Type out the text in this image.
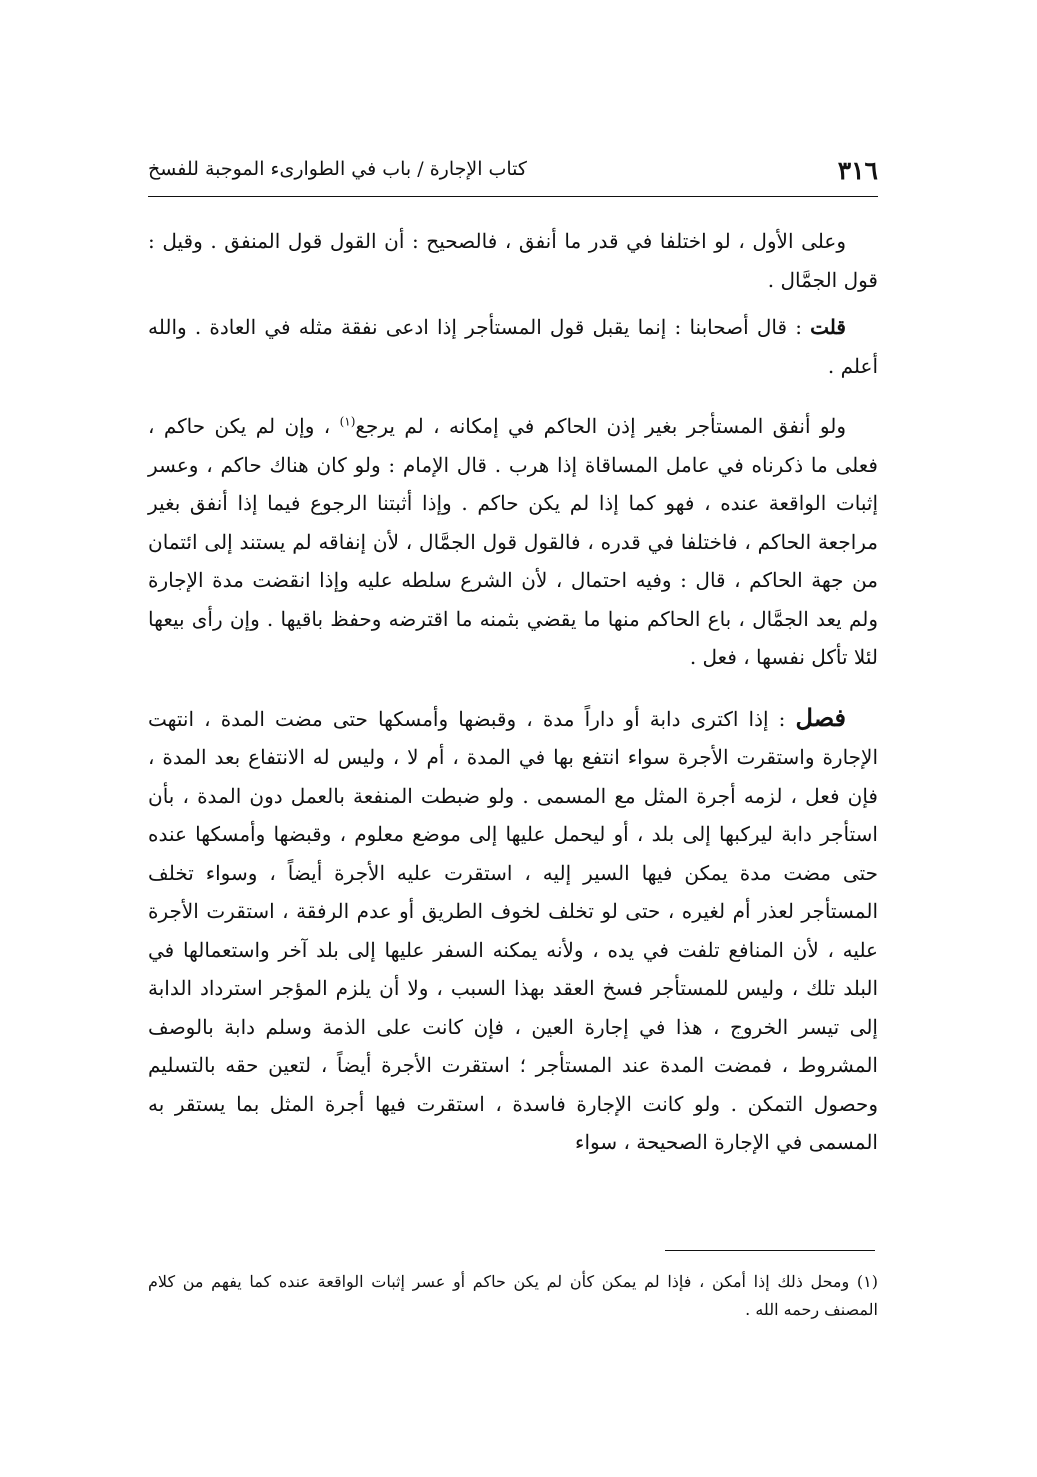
٣١٦
كتاب الإجارة / باب في الطوارىء الموجبة للفسخ

وعلى الأول ، لو اختلفا في قدر ما أنفق ، فالصحيح : أن القول قول المنفق . وقيل : قول الجمَّال .

قلت : قال أصحابنا : إنما يقبل قول المستأجر إذا ادعى نفقة مثله في العادة . والله أعلم .

ولو أنفق المستأجر بغير إذن الحاكم في إمكانه ، لم يرجع$^{(١)}$ ، وإن لم يكن حاكم ، فعلى ما ذكرناه في عامل المساقاة إذا هرب . قال الإمام : ولو كان هناك حاكم ، وعسر إثبات الواقعة عنده ، فهو كما إذا لم يكن حاكم . وإذا أثبتنا الرجوع فيما إذا أنفق بغير مراجعة الحاكم ، فاختلفا في قدره ، فالقول قول الجمَّال ، لأن إنفاقه لم يستند إلى ائتمان من جهة الحاكم ، قال : وفيه احتمال ، لأن الشرع سلطه عليه وإذا انقضت مدة الإجارة ولم يعد الجمَّال ، باع الحاكم منها ما يقضي بثمنه ما اقترضه وحفظ باقيها . وإن رأى بيعها لئلا تأكل نفسها ، فعل .

فصل : إذا اكترى دابة أو داراً مدة ، وقبضها وأمسكها حتى مضت المدة ، انتهت الإجارة واستقرت الأجرة سواء انتفع بها في المدة ، أم لا ، وليس له الانتفاع بعد المدة ، فإن فعل ، لزمه أجرة المثل مع المسمى . ولو ضبطت المنفعة بالعمل دون المدة ، بأن استأجر دابة ليركبها إلى بلد ، أو ليحمل عليها إلى موضع معلوم ، وقبضها وأمسكها عنده حتى مضت مدة يمكن فيها السير إليه ، استقرت عليه الأجرة أيضاً ، وسواء تخلف المستأجر لعذر أم لغيره ، حتى لو تخلف لخوف الطريق أو عدم الرفقة ، استقرت الأجرة عليه ، لأن المنافع تلفت في يده ، ولأنه يمكنه السفر عليها إلى بلد آخر واستعمالها في البلد تلك ، وليس للمستأجر فسخ العقد بهذا السبب ، ولا أن يلزم المؤجر استرداد الدابة إلى تيسر الخروج ، هذا في إجارة العين ، فإن كانت على الذمة وسلم دابة بالوصف المشروط ، فمضت المدة عند المستأجر ؛ استقرت الأجرة أيضاً ، لتعين حقه بالتسليم وحصول التمكن . ولو كانت الإجارة فاسدة ، استقرت فيها أجرة المثل بما يستقر به المسمى في الإجارة الصحيحة ، سواء

(١) ومحل ذلك إذا أمكن ، فإذا لم يمكن كأن لم يكن حاكم أو عسر إثبات الواقعة عنده كما يفهم من كلام المصنف رحمه الله .
